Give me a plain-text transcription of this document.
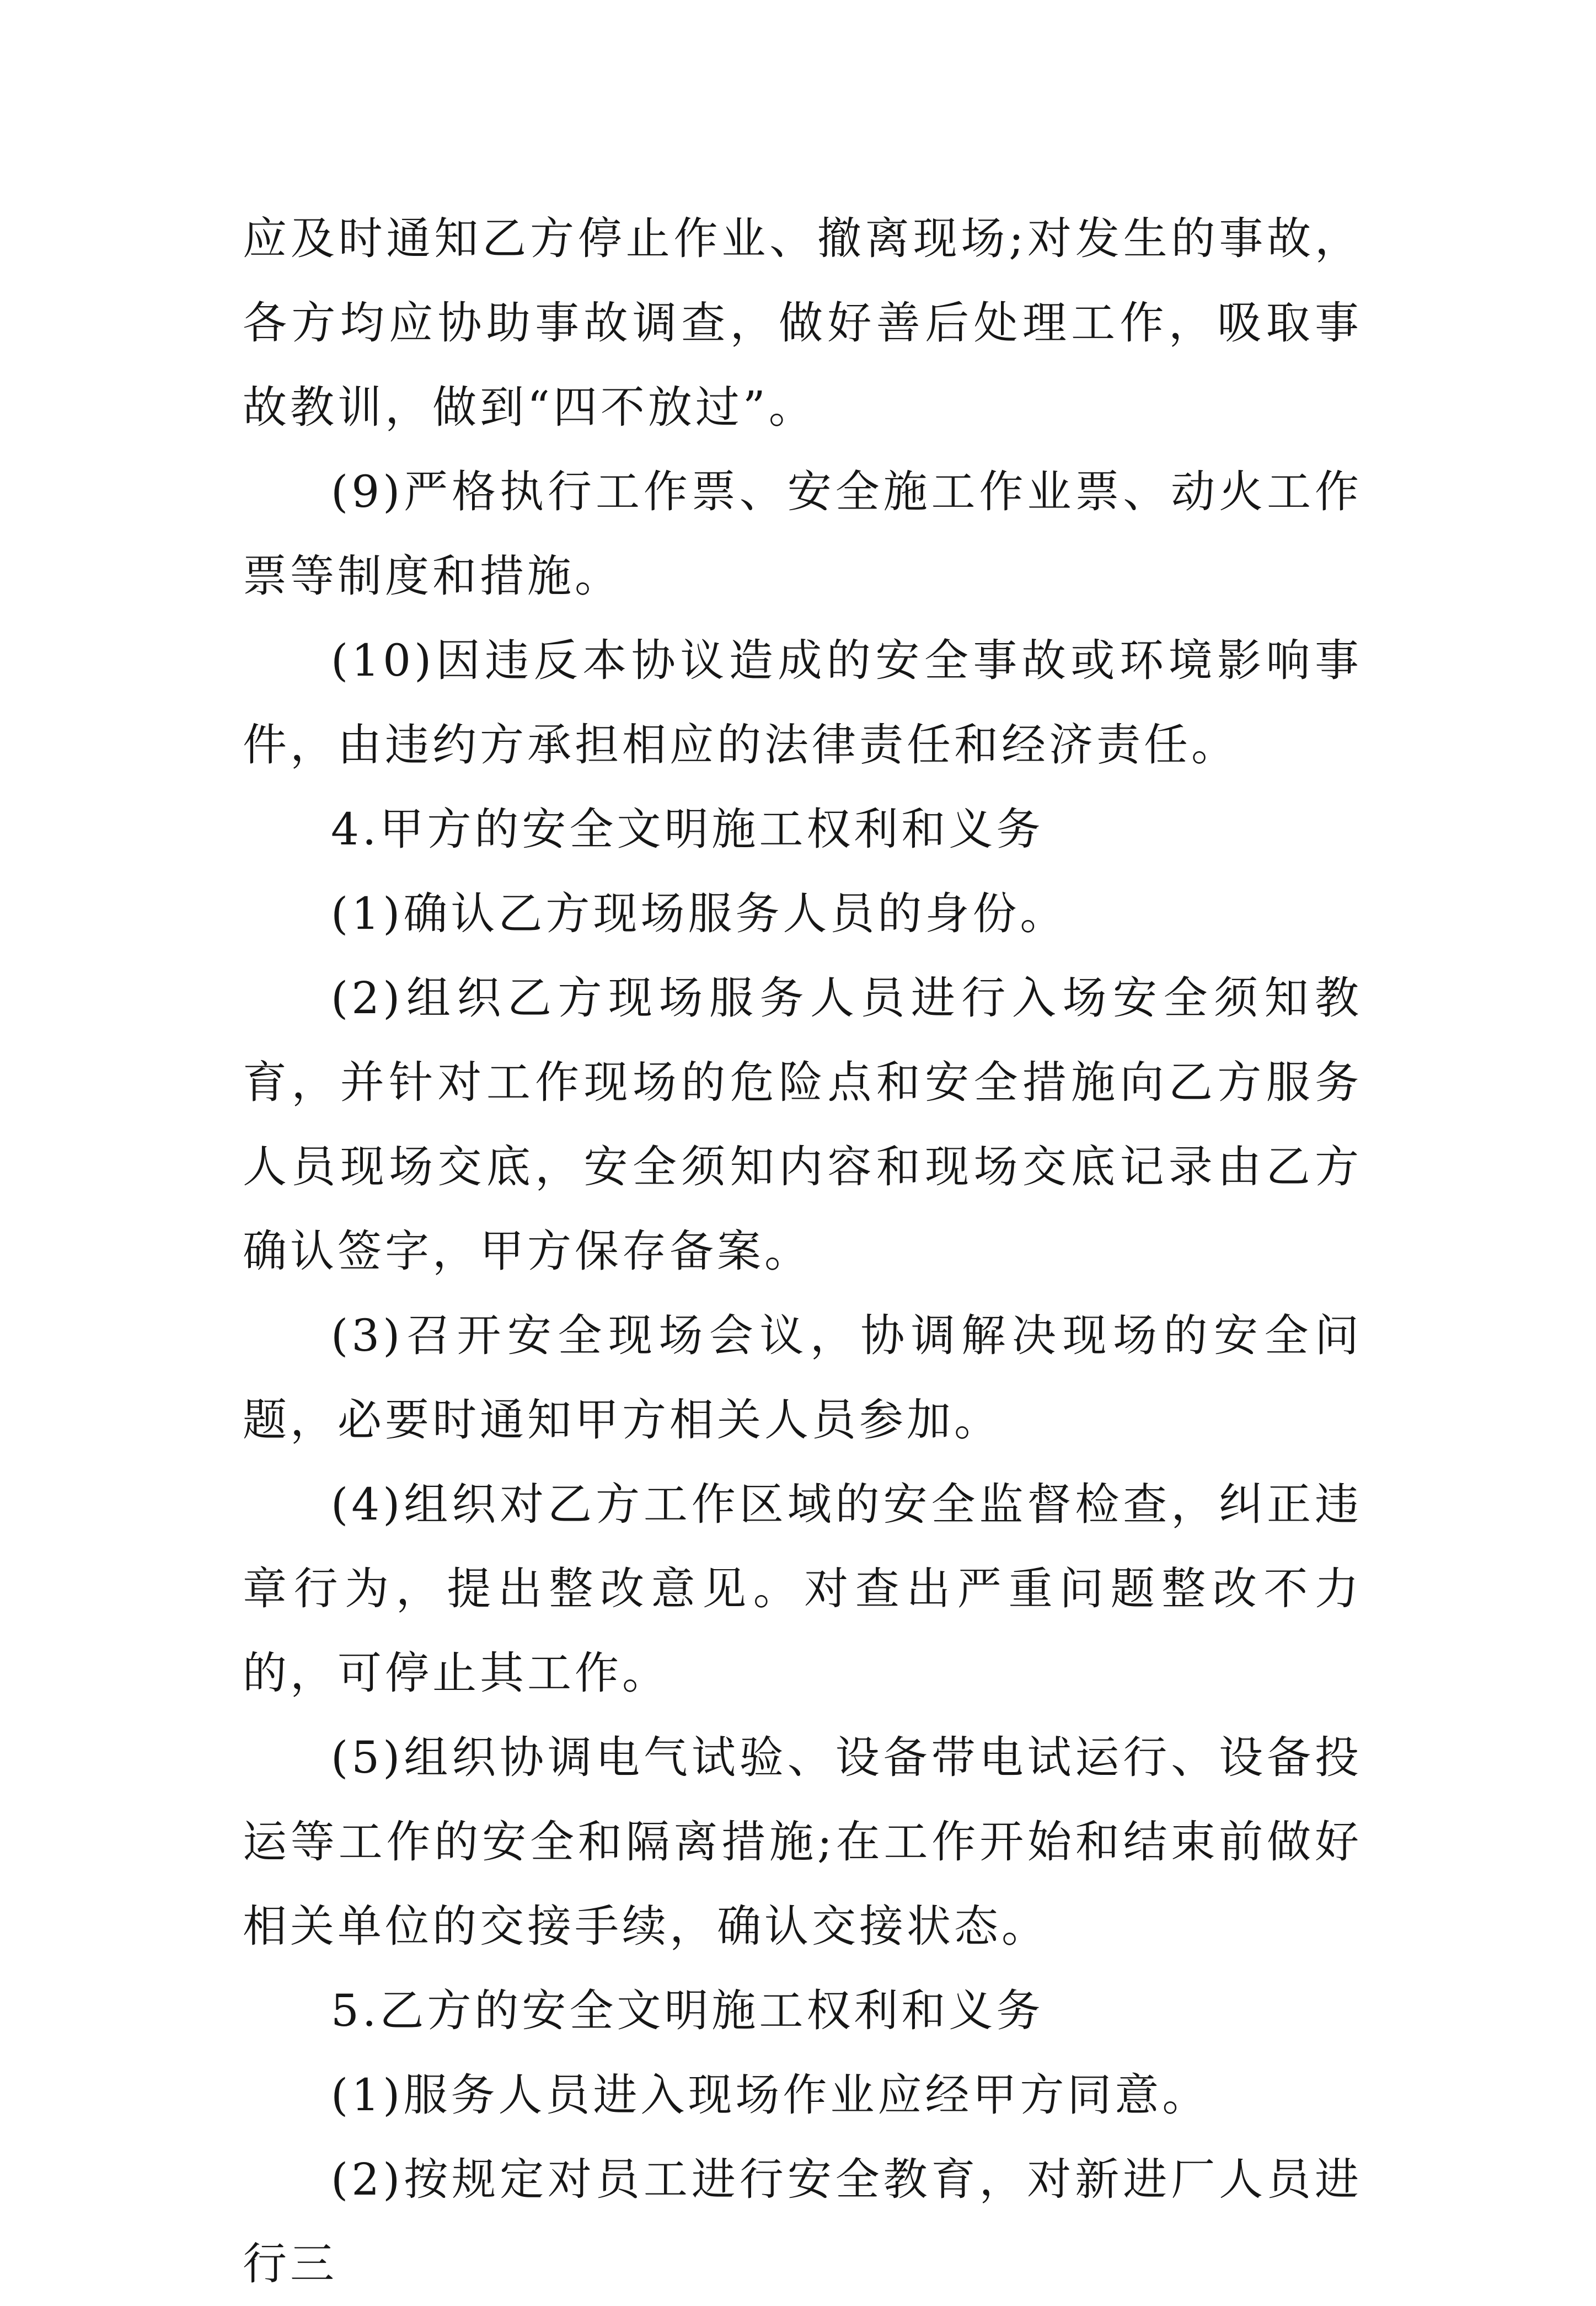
应及时通知乙方停止作业、撤离现场;对发生的事故，各方均应协助事故调查，做好善后处理工作，吸取事故教训，做到“四不放过”。

(9)严格执行工作票、安全施工作业票、动火工作票等制度和措施。

(10)因违反本协议造成的安全事故或环境影响事件，由违约方承担相应的法律责任和经济责任。

4.甲方的安全文明施工权利和义务

(1)确认乙方现场服务人员的身份。

(2)组织乙方现场服务人员进行入场安全须知教育，并针对工作现场的危险点和安全措施向乙方服务人员现场交底，安全须知内容和现场交底记录由乙方确认签字，甲方保存备案。

(3)召开安全现场会议，协调解决现场的安全问题，必要时通知甲方相关人员参加。

(4)组织对乙方工作区域的安全监督检查，纠正违章行为，提出整改意见。对查出严重问题整改不力的，可停止其工作。

(5)组织协调电气试验、设备带电试运行、设备投运等工作的安全和隔离措施;在工作开始和结束前做好相关单位的交接手续，确认交接状态。

5.乙方的安全文明施工权利和义务

(1)服务人员进入现场作业应经甲方同意。

(2)按规定对员工进行安全教育，对新进厂人员进行三
